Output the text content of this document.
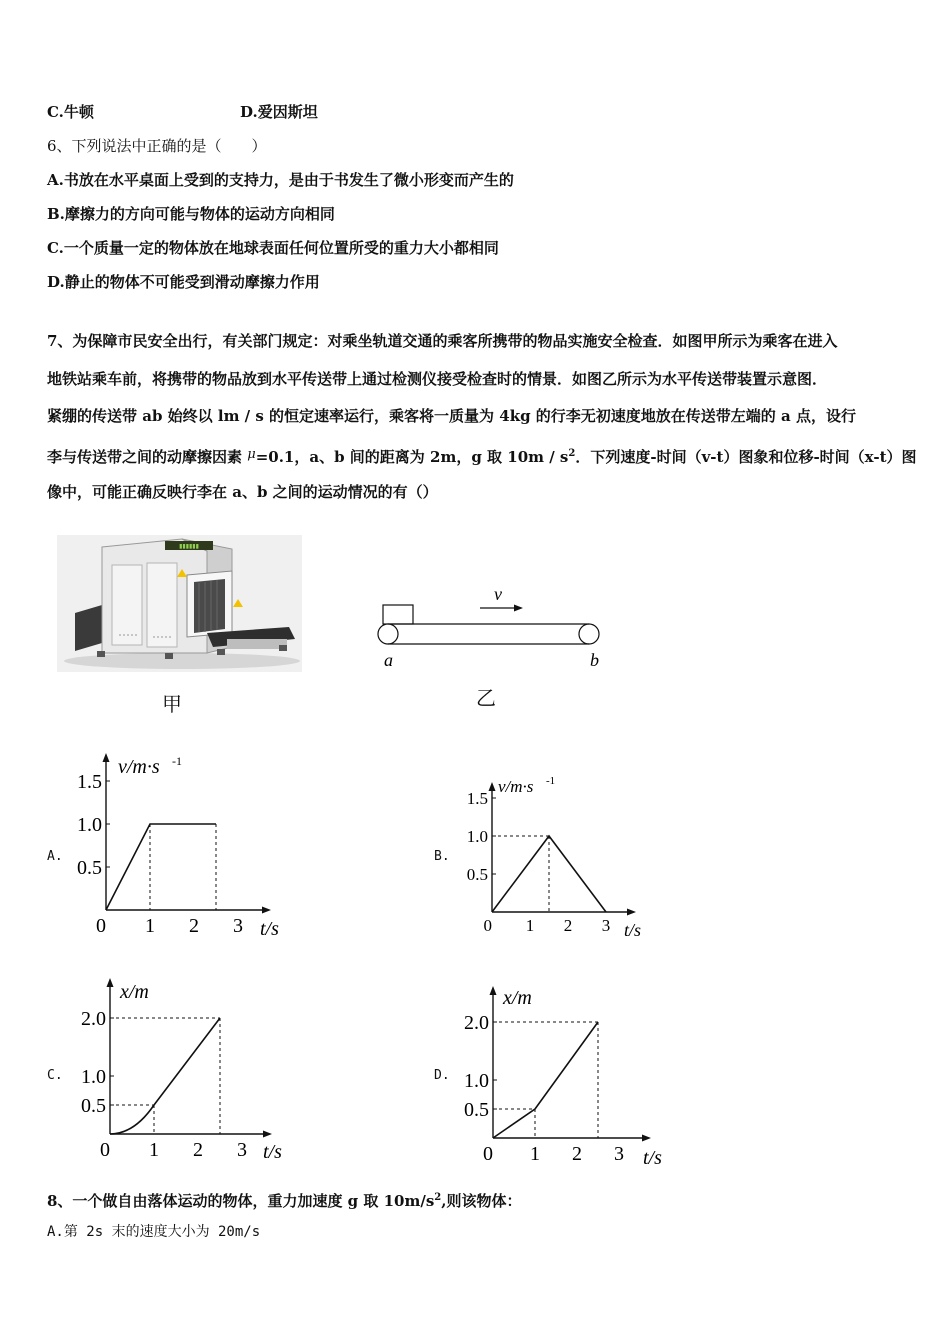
C.牛顿	D.爱因斯坦
6、下列说法中正确的是（　　）
A.书放在水平桌面上受到的支持力，是由于书发生了微小形变而产生的
B.摩擦力的方向可能与物体的运动方向相同
C.一个质量一定的物体放在地球表面任何位置所受的重力大小都相同
D.静止的物体不可能受到滑动摩擦力作用
7、为保障市民安全出行，有关部门规定：对乘坐轨道交通的乘客所携带的物品实施安全检查．如图甲所示为乘客在进入
地铁站乘车前，将携带的物品放到水平传送带上通过检测仪接受检查时的情景．如图乙所示为水平传送带装置示意图．
紧绷的传送带 ab 始终以 lm / s 的恒定速率运行，乘客将一质量为 4kg 的行李无初速度地放在传送带左端的 a 点，设行
李与传送带之间的动摩擦因素 μ=0.1，a、b 间的距离为 2m，g 取 $10m / s^2$．下列速度-时间（v-t）图象和位移-时间（x-t）图
像中，可能正确反映行李在 a、b 之间的运动情况的有（）
▮▮▮▮▮▮
甲
v
a	b
乙
A.	B.
C.	D.
0 1 2 3
0.5
1.0
1.5
v/m·s -1
t/s	0 1 2 3
0.5
1.0
1.5
v/m·s -1
t/s
0 1 2 3
0.5
1.0
2.0
x/m
t/s	0 1 2 3
0.5
1.0
2.0
x/m
t/s
8、一个做自由落体运动的物体，重力加速度 g 取 $10m/s^2$,则该物体：
A.第 2s 末的速度大小为 20m/s
